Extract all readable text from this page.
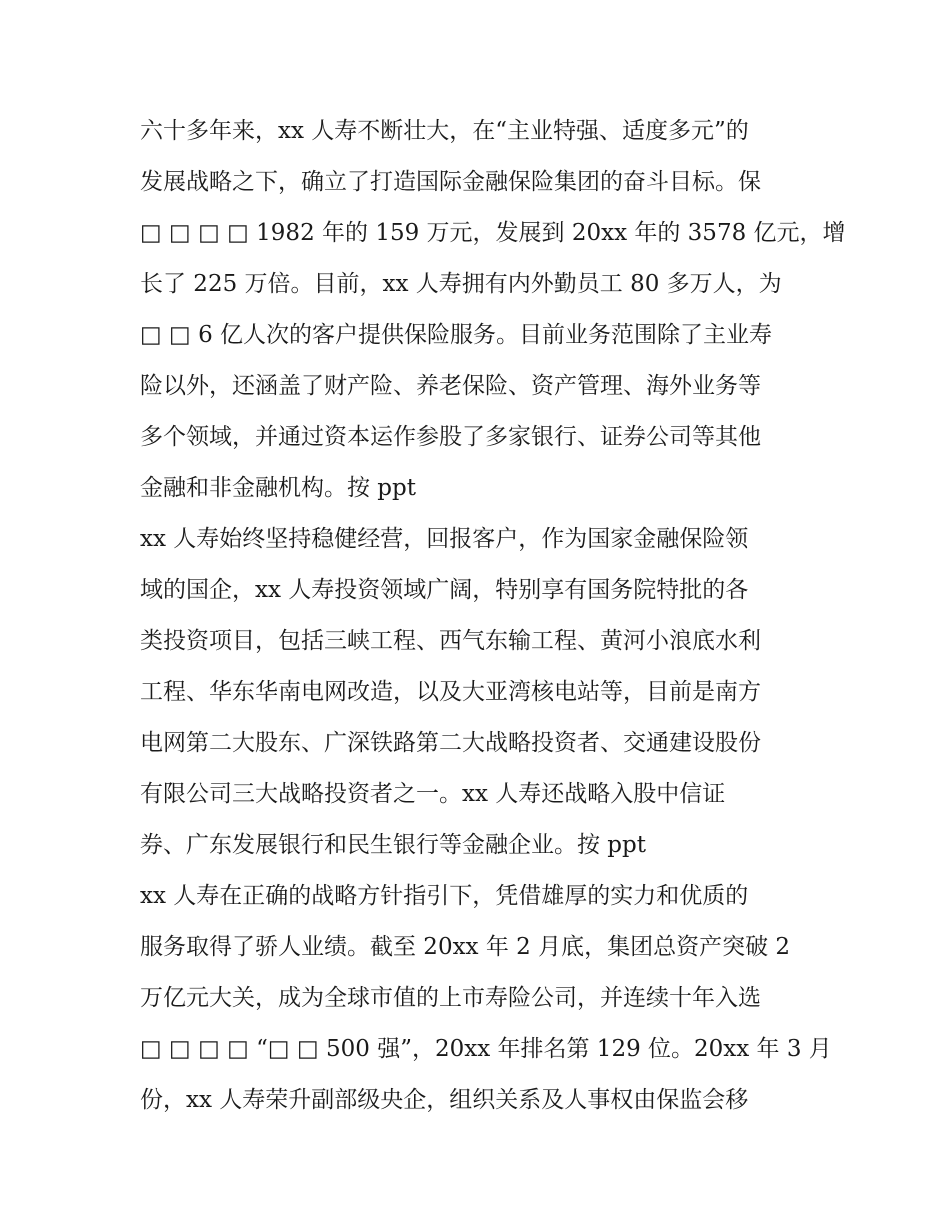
六十多年来，xx 人寿不断壮大，在“主业特强、适度多元”的
发展战略之下，确立了打造国际金融保险集团的奋斗目标。保
□ □ □ □ 1982 年的 159 万元，发展到 20xx 年的 3578 亿元，增
长了 225 万倍。目前，xx 人寿拥有内外勤员工 80 多万人，为
□ □ 6 亿人次的客户提供保险服务。目前业务范围除了主业寿
险以外，还涵盖了财产险、养老保险、资产管理、海外业务等
多个领域，并通过资本运作参股了多家银行、证券公司等其他
金融和非金融机构。按 ppt
xx 人寿始终坚持稳健经营，回报客户，作为国家金融保险领
域的国企，xx 人寿投资领域广阔，特别享有国务院特批的各
类投资项目，包括三峡工程、西气东输工程、黄河小浪底水利
工程、华东华南电网改造，以及大亚湾核电站等，目前是南方
电网第二大股东、广深铁路第二大战略投资者、交通建设股份
有限公司三大战略投资者之一。xx 人寿还战略入股中信证
券、广东发展银行和民生银行等金融企业。按 ppt
xx 人寿在正确的战略方针指引下，凭借雄厚的实力和优质的
服务取得了骄人业绩。截至 20xx 年 2 月底，集团总资产突破 2
万亿元大关，成为全球市值的上市寿险公司，并连续十年入选
□ □ □ □ “□ □ 500 强”，20xx 年排名第 129 位。20xx 年 3 月
份，xx 人寿荣升副部级央企，组织关系及人事权由保监会移
